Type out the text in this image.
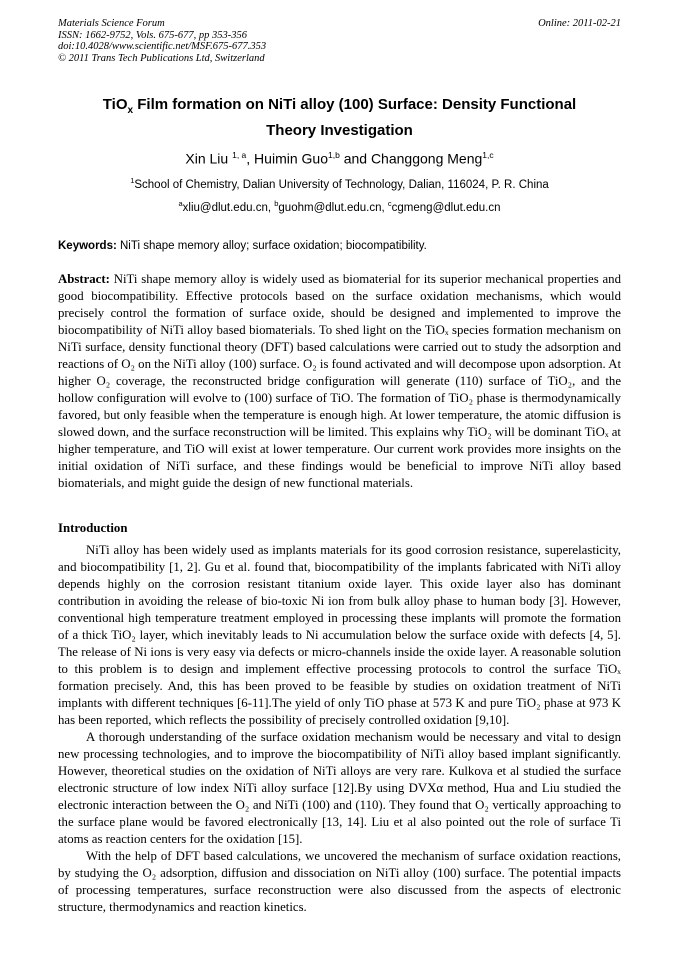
Materials Science Forum
ISSN: 1662-9752, Vols. 675-677, pp 353-356
doi:10.4028/www.scientific.net/MSF.675-677.353
© 2011 Trans Tech Publications Ltd, Switzerland
Online: 2011-02-21
TiO$_x$ Film formation on NiTi alloy (100) Surface: Density Functional Theory Investigation
Xin Liu $^{1, a}$, Huimin Guo$^{1,b}$ and Changgong Meng$^{1,c}$
$^1$School of Chemistry, Dalian University of Technology, Dalian, 116024, P. R. China
$^a$xliu@dlut.edu.cn, $^b$guohm@dlut.edu.cn, $^c$cgmeng@dlut.edu.cn
Keywords: NiTi shape memory alloy; surface oxidation; biocompatibility.
Abstract: NiTi shape memory alloy is widely used as biomaterial for its superior mechanical properties and good biocompatibility. Effective protocols based on the surface oxidation mechanisms, which would precisely control the formation of surface oxide, should be designed and implemented to improve the biocompatibility of NiTi alloy based biomaterials. To shed light on the TiOₓ species formation mechanism on NiTi surface, density functional theory (DFT) based calculations were carried out to study the adsorption and reactions of O₂ on the NiTi alloy (100) surface. O₂ is found activated and will decompose upon adsorption. At higher O₂ coverage, the reconstructed bridge configuration will generate (110) surface of TiO₂, and the hollow configuration will evolve to (100) surface of TiO. The formation of TiO₂ phase is thermodynamically favored, but only feasible when the temperature is enough high. At lower temperature, the atomic diffusion is slowed down, and the surface reconstruction will be limited. This explains why TiO₂ will be dominant TiOₓ at higher temperature, and TiO will exist at lower temperature. Our current work provides more insights on the initial oxidation of NiTi surface, and these findings would be beneficial to improve NiTi alloy based biomaterials, and might guide the design of new functional materials.
Introduction

NiTi alloy has been widely used as implants materials for its good corrosion resistance, superelasticity, and biocompatibility [1, 2]. Gu et al. found that, biocompatibility of the implants fabricated with NiTi alloy depends highly on the corrosion resistant titanium oxide layer. This oxide layer also has dominant contribution in avoiding the release of bio-toxic Ni ion from bulk alloy phase to human body [3]. However, conventional high temperature treatment employed in processing these implants will promote the formation of a thick TiO₂ layer, which inevitably leads to Ni accumulation below the surface oxide with defects [4, 5]. The release of Ni ions is very easy via defects or micro-channels inside the oxide layer. A reasonable solution to this problem is to design and implement effective processing protocols to control the surface TiOₓ formation precisely. And, this has been proved to be feasible by studies on oxidation treatment of NiTi implants with different techniques [6-11].The yield of only TiO phase at 573 K and pure TiO₂ phase at 973 K has been reported, which reflects the possibility of precisely controlled oxidation [9,10].

A thorough understanding of the surface oxidation mechanism would be necessary and vital to design new processing technologies, and to improve the biocompatibility of NiTi alloy based implant significantly. However, theoretical studies on the oxidation of NiTi alloys are very rare. Kulkova et al studied the surface electronic structure of low index NiTi alloy surface [12].By using DVXα method, Hua and Liu studied the electronic interaction between the O₂ and NiTi (100) and (110). They found that O₂ vertically approaching to the surface plane would be favored electronically [13, 14]. Liu et al also pointed out the role of surface Ti atoms as reaction centers for the oxidation [15].

With the help of DFT based calculations, we uncovered the mechanism of surface oxidation reactions, by studying the O₂ adsorption, diffusion and dissociation on NiTi alloy (100) surface. The potential impacts of processing temperatures, surface reconstruction were also discussed from the aspects of electronic structure, thermodynamics and reaction kinetics.
